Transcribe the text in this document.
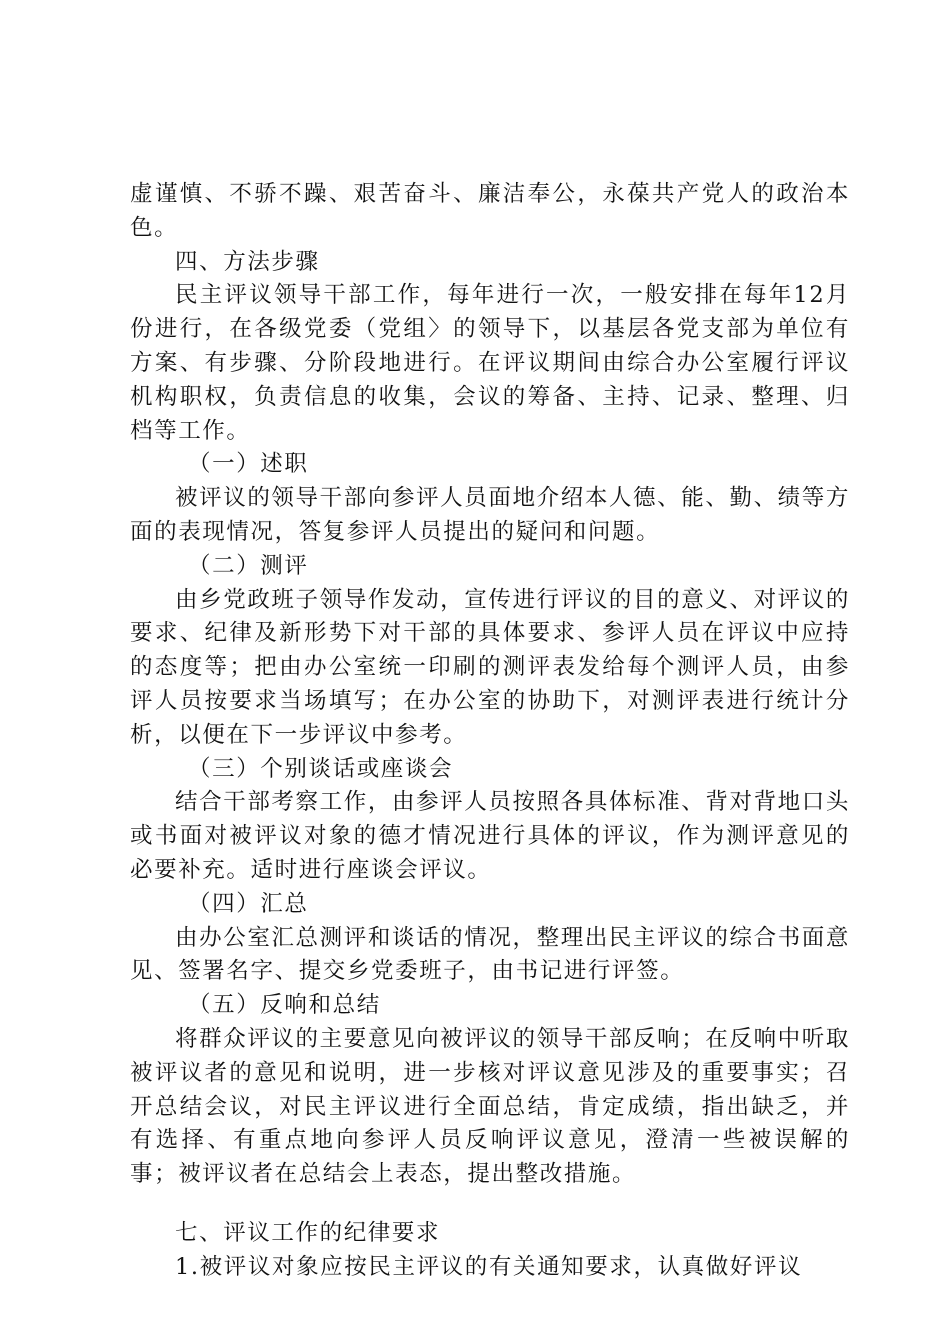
虚谨慎、不骄不躁、艰苦奋斗、廉洁奉公，永葆共产党人的政治本色。

四、方法步骤

民主评议领导干部工作，每年进行一次，一般安排在每年12月份进行，在各级党委（党组〉的领导下，以基层各党支部为单位有方案、有步骤、分阶段地进行。在评议期间由综合办公室履行评议机构职权，负责信息的收集，会议的筹备、主持、记录、整理、归档等工作。

（一）述职

被评议的领导干部向参评人员面地介绍本人德、能、勤、绩等方面的表现情况，答复参评人员提出的疑问和问题。

（二）测评

由乡党政班子领导作发动，宣传进行评议的目的意义、对评议的要求、纪律及新形势下对干部的具体要求、参评人员在评议中应持的态度等；把由办公室统一印刷的测评表发给每个测评人员，由参评人员按要求当场填写；在办公室的协助下，对测评表进行统计分析，以便在下一步评议中参考。

（三）个别谈话或座谈会

结合干部考察工作，由参评人员按照各具体标准、背对背地口头或书面对被评议对象的德才情况进行具体的评议，作为测评意见的必要补充。适时进行座谈会评议。

（四）汇总

由办公室汇总测评和谈话的情况，整理出民主评议的综合书面意见、签署名字、提交乡党委班子，由书记进行评签。

（五）反响和总结

将群众评议的主要意见向被评议的领导干部反响；在反响中听取被评议者的意见和说明，进一步核对评议意见涉及的重要事实；召开总结会议，对民主评议进行全面总结，肯定成绩，指出缺乏，并有选择、有重点地向参评人员反响评议意见，澄清一些被误解的事；被评议者在总结会上表态，提出整改措施。

七、评议工作的纪律要求

1.被评议对象应按民主评议的有关通知要求，认真做好评议
